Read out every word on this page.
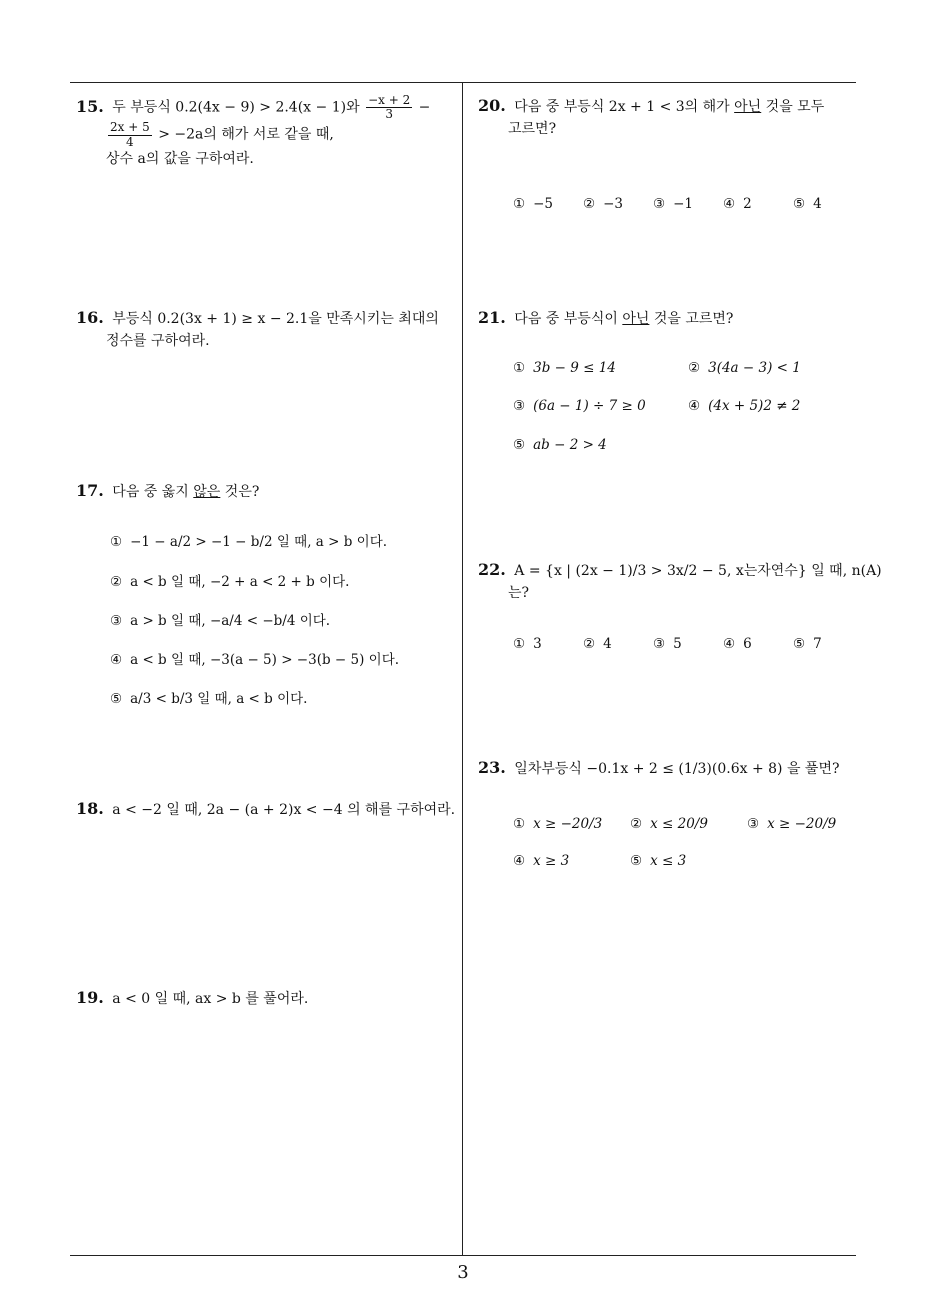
15. 두 부등식 0.2(4x − 9) > 2.4(x − 1)와 $\frac{-x + 2}{3}$ −
$\frac{2x + 5}{4} > -2a$의 해가 서로 같을 때,
상수 a의 값을 구하여라.
16. 부등식 0.2(3x + 1) ≥ x − 2.1을 만족시키는 최대의
정수를 구하여라.
17. 다음 중 옳지 않은 것은?
① −1 − a/2 > −1 − b/2 일 때, a > b 이다.
② a < b 일 때, −2 + a < 2 + b 이다.
③ a > b 일 때, −a/4 < −b/4 이다.
④ a < b 일 때, −3(a − 5) > −3(b − 5) 이다.
⑤ a/3 < b/3 일 때, a < b 이다.
18. a < −2 일 때, 2a − (a + 2)x < −4 의 해를 구하여라.
19. a < 0 일 때, ax > b 를 풀어라.
20. 다음 중 부등식 2x + 1 < 3의 해가 아닌 것을 모두
고르면?
① −5 ② −3 ③ −1 ④ 2	⑤ 4
21. 다음 중 부등식이 아닌 것을 고르면?
① 3b − 9 ≤ 14	② 3(4a − 3) < 1
③ (6a − 1) ÷ 7 ≥ 0	④ (4x + 5)2 ≠ 2
⑤ ab − 2 > 4
22. A = {x | (2x − 1)/3 > 3x/2 − 5, x는자연수} 일 때, n(A)
는?
① 3	② 4	③ 5	④ 6	⑤ 7
23. 일차부등식 −0.1x + 2 ≤ (1/3)(0.6x + 8) 을 풀면?
① x ≥ −20/3 ② x ≤ 20/9	③ x ≥ −20/9
④ x ≥ 3	⑤ x ≤ 3
3
